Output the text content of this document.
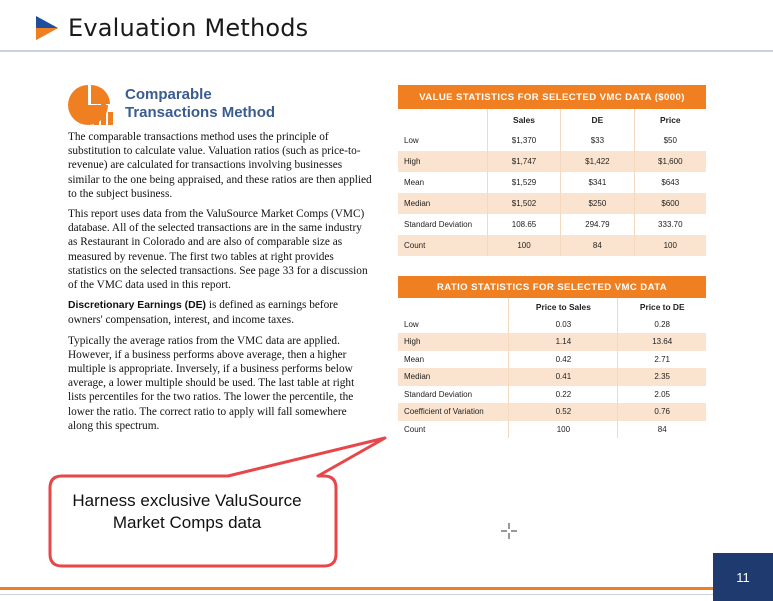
Evaluation Methods
Comparable
Transactions Method

The comparable transactions method uses the principle of substitution to calculate value. Valuation ratios (such as price-to-revenue) are calculated for transactions involving businesses similar to the one being appraised, and these ratios are then applied to the subject business.

This report uses data from the ValuSource Market Comps (VMC) database. All of the selected transactions are in the same industry as Restaurant in Colorado and are also of comparable size as measured by revenue. The first two tables at right provides statistics on the selected transactions. See page 33 for a discussion of the VMC data used in this report.

Discretionary Earnings (DE) is defined as earnings before owners' compensation, interest, and income taxes.

Typically the average ratios from the VMC data are applied. However, if a business performs above average, then a higher multiple is appropriate. Inversely, if a business performs below average, a lower multiple should be used. The last table at right lists percentiles for the two ratios. The lower the percentile, the lower the ratio. The correct ratio to apply will fall somewhere along this spectrum.

VALUE STATISTICS FOR SELECTED VMC DATA ($000)
	Sales	DE	Price
Low	$1,370	$33	$50
High	$1,747	$1,422	$1,600
Mean	$1,529	$341	$643
Median	$1,502	$250	$600
Standard Deviation	108.65	294.79	333.70
Count	100	84	100
RATIO STATISTICS FOR SELECTED VMC DATA
	Price to Sales	Price to DE
Low	0.03	0.28
High	1.14	13.64
Mean	0.42	2.71
Median	0.41	2.35
Standard Deviation	0.22	2.05
Coefficient of Variation	0.52	0.76
Count	100	84
Harness exclusive ValuSource Market Comps data
11
